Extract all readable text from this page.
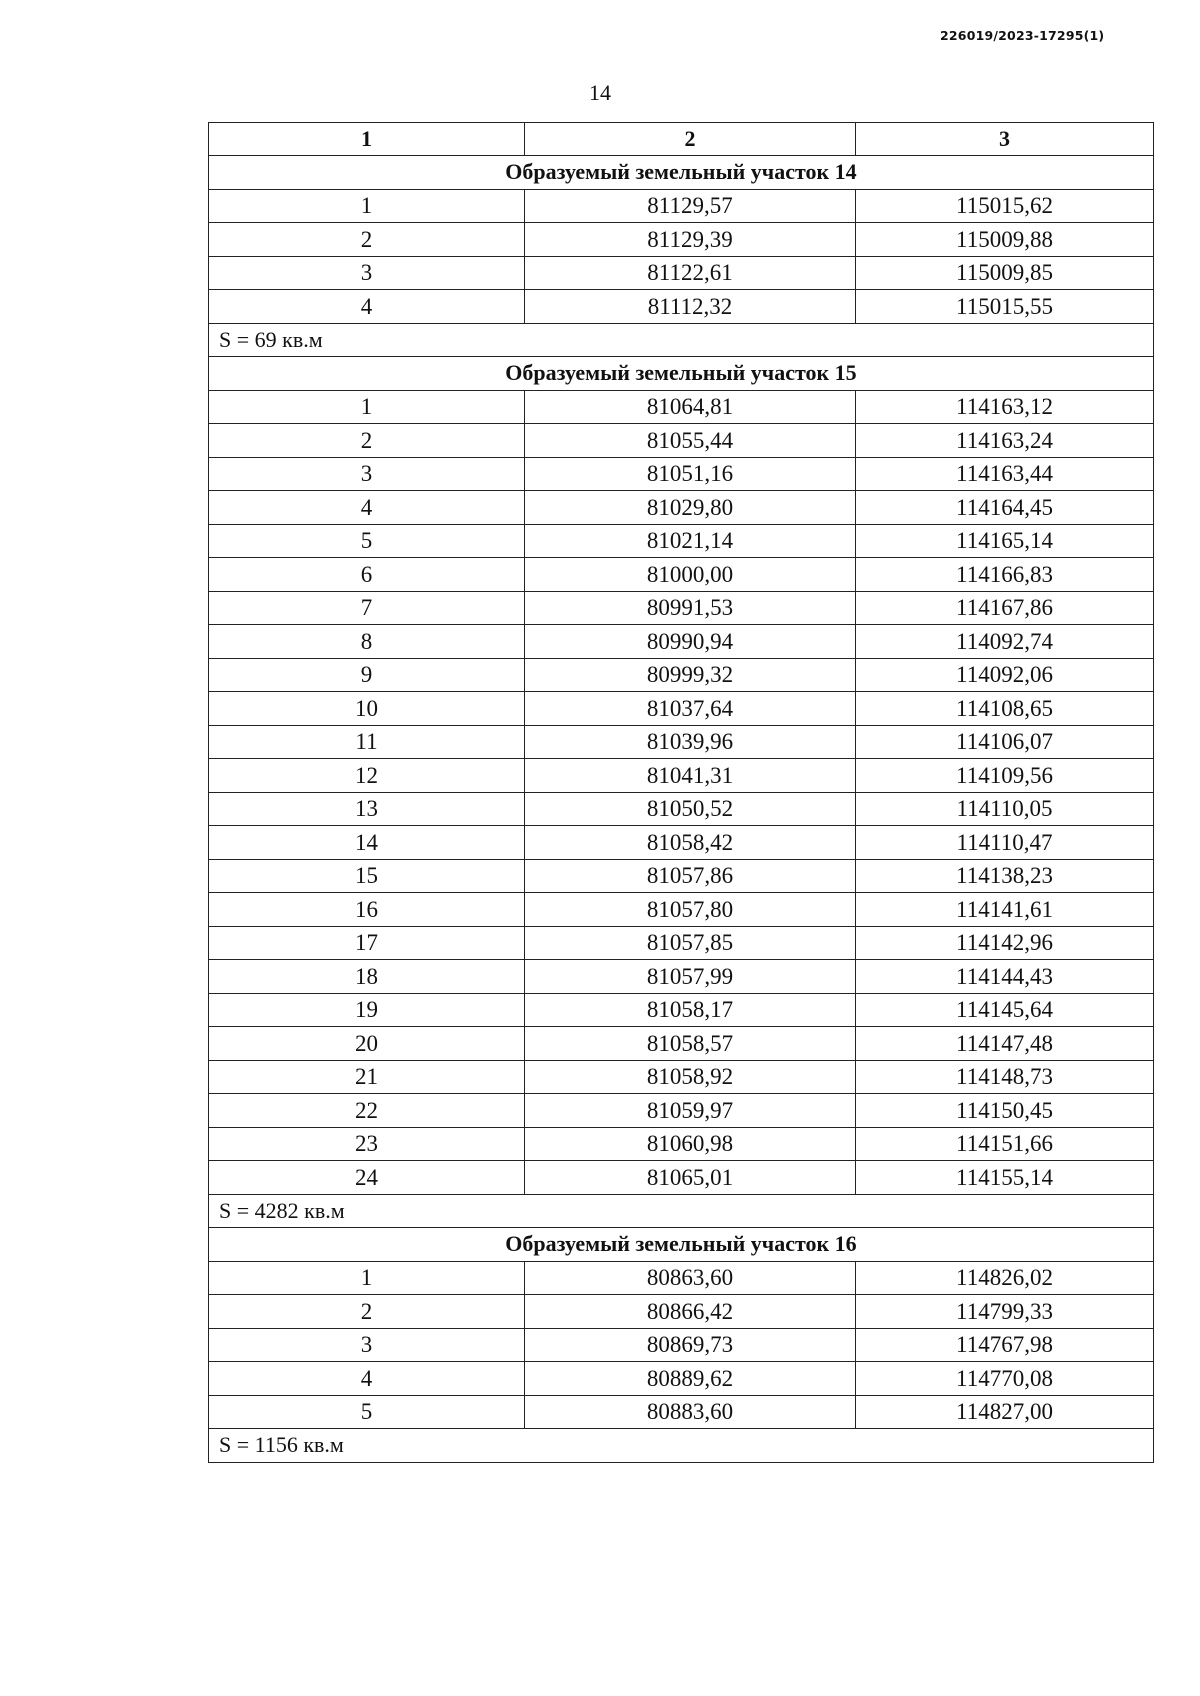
226019/2023-17295(1)
14
1	2	3
Образуемый земельный участок 14		
1	81129,57	115015,62
2	81129,39	115009,88
3	81122,61	115009,85
4	81112,32	115015,55
S = 69 кв.м		
Образуемый земельный участок 15		
1	81064,81	114163,12
2	81055,44	114163,24
3	81051,16	114163,44
4	81029,80	114164,45
5	81021,14	114165,14
6	81000,00	114166,83
7	80991,53	114167,86
8	80990,94	114092,74
9	80999,32	114092,06
10	81037,64	114108,65
11	81039,96	114106,07
12	81041,31	114109,56
13	81050,52	114110,05
14	81058,42	114110,47
15	81057,86	114138,23
16	81057,80	114141,61
17	81057,85	114142,96
18	81057,99	114144,43
19	81058,17	114145,64
20	81058,57	114147,48
21	81058,92	114148,73
22	81059,97	114150,45
23	81060,98	114151,66
24	81065,01	114155,14
S = 4282 кв.м		
Образуемый земельный участок 16		
1	80863,60	114826,02
2	80866,42	114799,33
3	80869,73	114767,98
4	80889,62	114770,08
5	80883,60	114827,00
S = 1156 кв.м		
